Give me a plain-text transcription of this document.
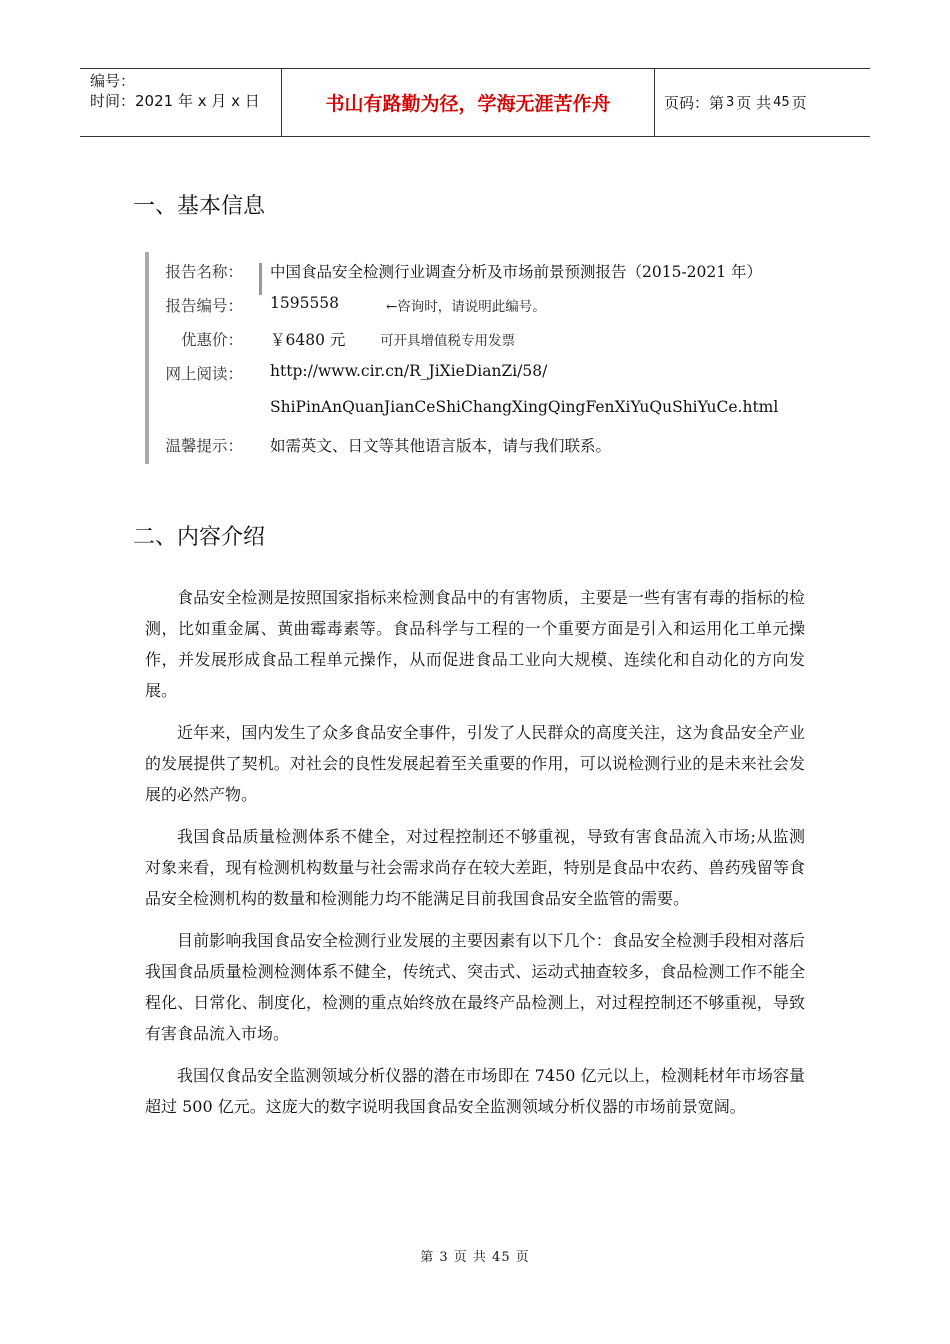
编号：
时间：2021 年 x 月 x 日	书山有路勤为径，学海无涯苦作舟	页码：第 3 页 共 45 页
一、基本信息
报告名称： 中国食品安全检测行业调查分析及市场前景预测报告（2015-2021 年）
报告编号： 1595558	←咨询时，请说明此编号。
优惠价： ￥6480 元	可开具增值税专用发票
网上阅读： http://www.cir.cn/R_JiXieDianZi/58/
ShiPinAnQuanJianCeShiChangXingQingFenXiYuQuShiYuCe.html
温馨提示： 如需英文、日文等其他语言版本，请与我们联系。
二、内容介绍

食品安全检测是按照国家指标来检测食品中的有害物质，主要是一些有害有毒的指标的检测，比如重金属、黄曲霉毒素等。食品科学与工程的一个重要方面是引入和运用化工单元操作，并发展形成食品工程单元操作，从而促进食品工业向大规模、连续化和自动化的方向发展。

近年来，国内发生了众多食品安全事件，引发了人民群众的高度关注，这为食品安全产业的发展提供了契机。对社会的良性发展起着至关重要的作用，可以说检测行业的是未来社会发展的必然产物。

我国食品质量检测体系不健全，对过程控制还不够重视，导致有害食品流入市场;从监测对象来看，现有检测机构数量与社会需求尚存在较大差距，特别是食品中农药、兽药残留等食品安全检测机构的数量和检测能力均不能满足目前我国食品安全监管的需要。

目前影响我国食品安全检测行业发展的主要因素有以下几个：食品安全检测手段相对落后我国食品质量检测检测体系不健全，传统式、突击式、运动式抽查较多，食品检测工作不能全程化、日常化、制度化，检测的重点始终放在最终产品检测上，对过程控制还不够重视，导致有害食品流入市场。

我国仅食品安全监测领域分析仪器的潜在市场即在 7450 亿元以上，检测耗材年市场容量超过 500 亿元。这庞大的数字说明我国食品安全监测领域分析仪器的市场前景宽阔。

第 3 页 共 45 页
